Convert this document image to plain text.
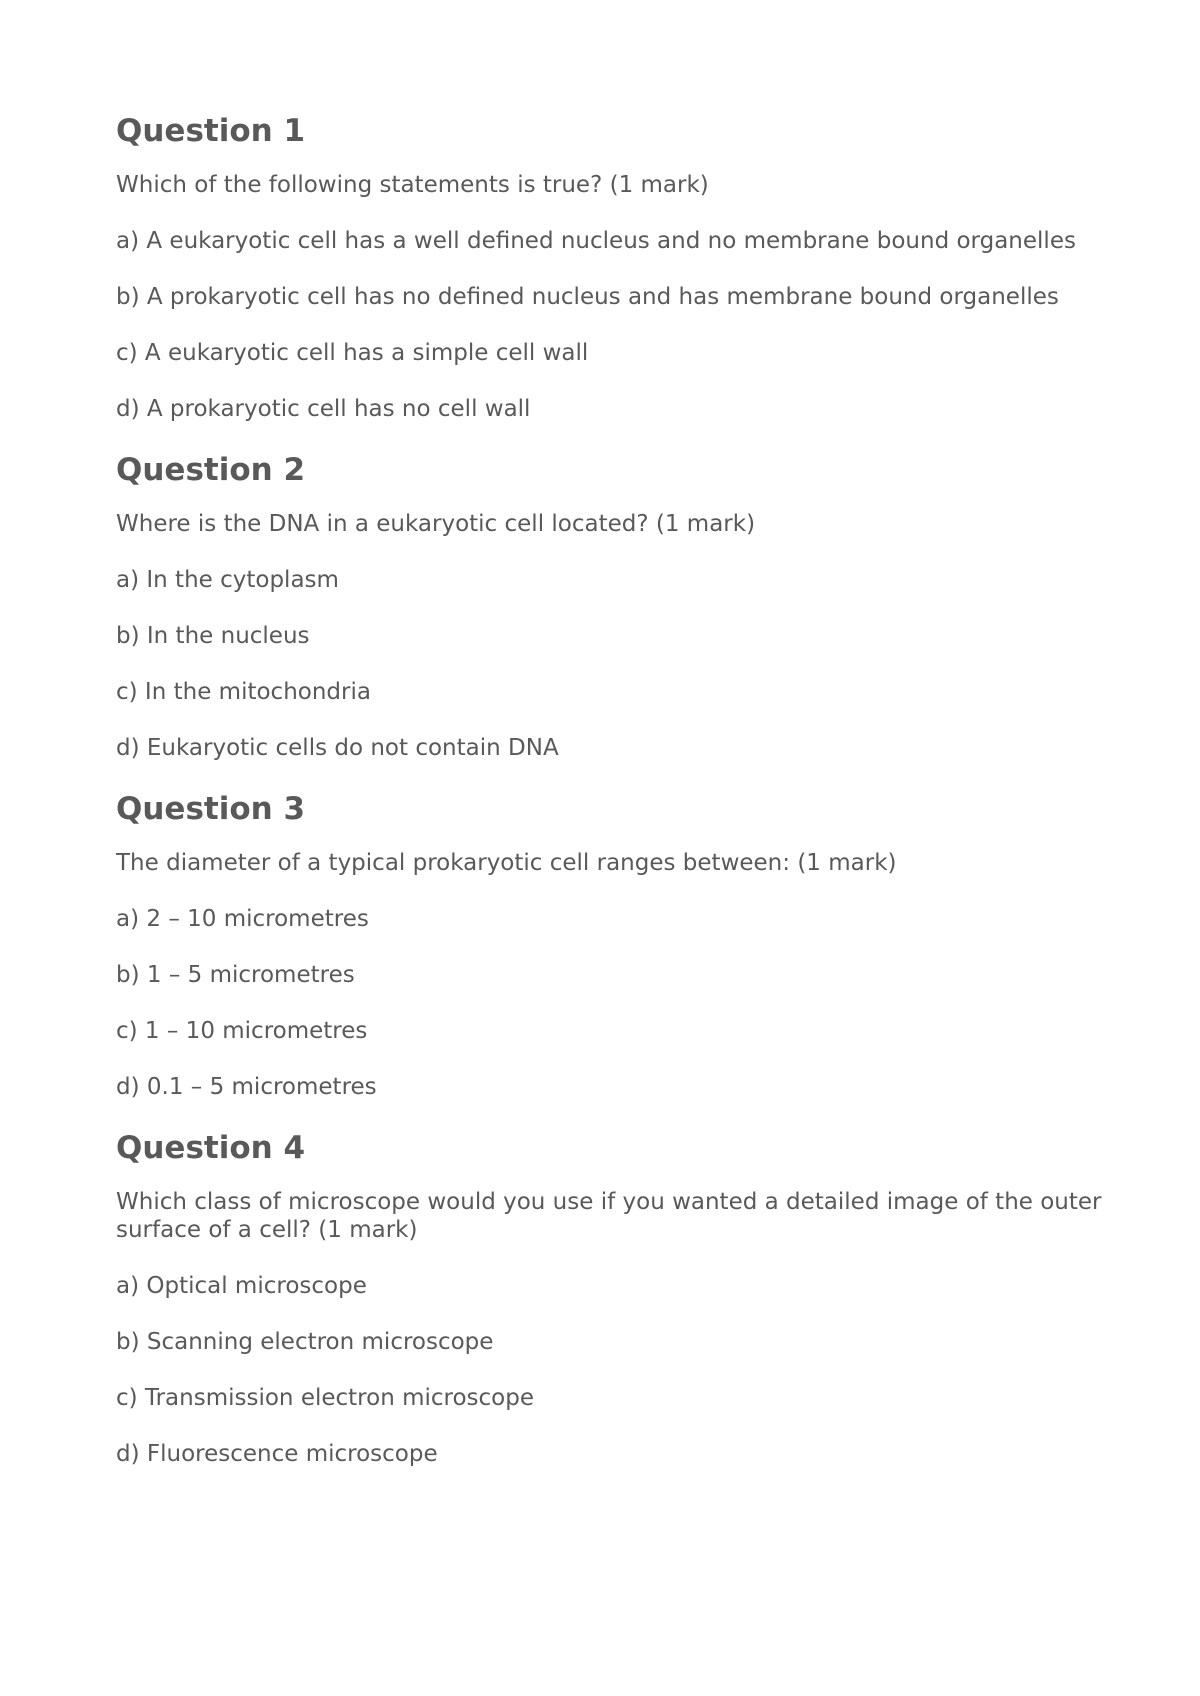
Question 1

Which of the following statements is true? (1 mark)

a) A eukaryotic cell has a well defined nucleus and no membrane bound organelles

b) A prokaryotic cell has no defined nucleus and has membrane bound organelles

c) A eukaryotic cell has a simple cell wall

d) A prokaryotic cell has no cell wall

Question 2

Where is the DNA in a eukaryotic cell located? (1 mark)

a) In the cytoplasm

b) In the nucleus

c) In the mitochondria

d) Eukaryotic cells do not contain DNA

Question 3

The diameter of a typical prokaryotic cell ranges between: (1 mark)

a) 2 – 10 micrometres

b) 1 – 5 micrometres

c) 1 – 10 micrometres

d) 0.1 – 5 micrometres

Question 4

Which class of microscope would you use if you wanted a detailed image of the outer surface of a cell? (1 mark)

a) Optical microscope

b) Scanning electron microscope

c) Transmission electron microscope

d) Fluorescence microscope
